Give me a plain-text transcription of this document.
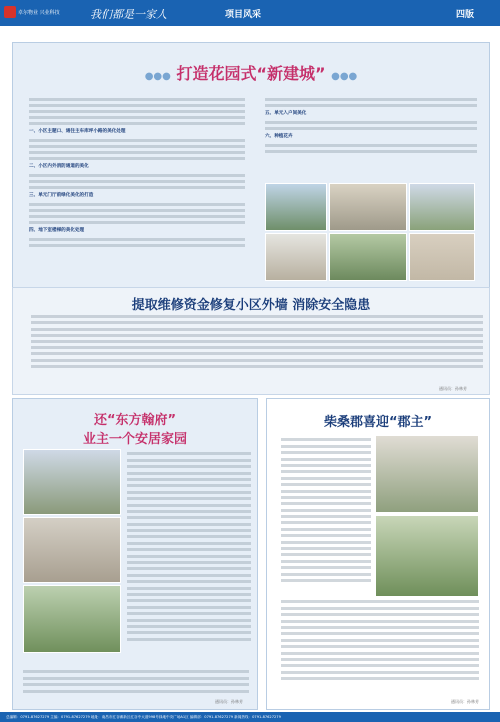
卓尔物业 兴业科技	我们都是一家人	项目风采	四版
●●● 打造花园式“新建城” ●●●
一、小区主题口、通往主车库坪小路的美化处理
二、小区内外消防通道的美化
三、单元门厅前绿化美化的打造
四、地下室楼梯的美化处理
五、单元入户间美化
六、种植花卉
提取维修资金修复小区外墙 消除安全隐患
通讯员：孙林芳
还“东方翰府”
业主一个安居家园
通讯员：孙林芳
柴桑郡喜迎“郡主”
通讯员：孙林芳
总编辑：0791-87627279 主编：0791-87627279 地址：南昌市红谷滩新区红谷中大道998号绿地中央广场A1区 编辑部：0791-87627279 新闻热线：0791-87627279
